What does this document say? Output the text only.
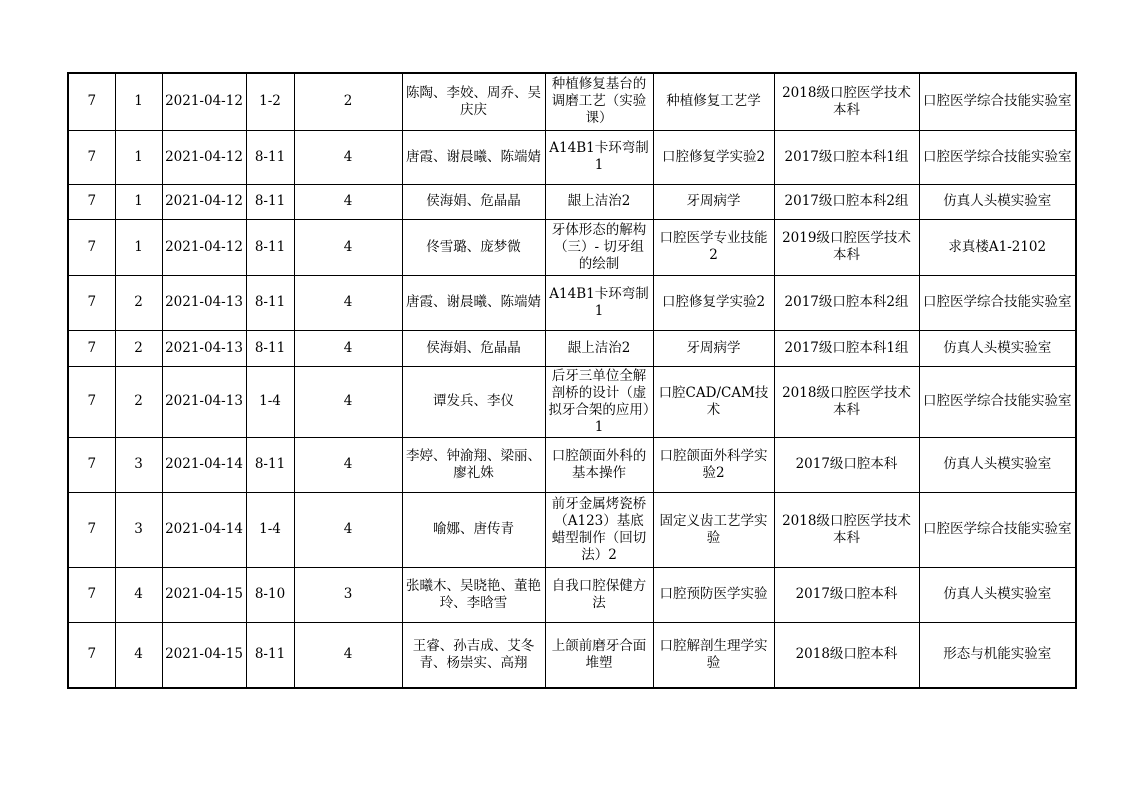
7	1	2021-04-12	1-2	2	陈陶、李姣、周乔、吴庆庆	种植修复基台的调磨工艺（实验课）	种植修复工艺学	2018级口腔医学技术本科	口腔医学综合技能实验室
7	1	2021-04-12	8-11	4	唐霞、谢晨曦、陈端婧	A14B1卡环弯制1	口腔修复学实验2	2017级口腔本科1组	口腔医学综合技能实验室
7	1	2021-04-12	8-11	4	侯海娟、危晶晶	龈上洁治2	牙周病学	2017级口腔本科2组	仿真人头模实验室
7	1	2021-04-12	8-11	4	佟雪璐、庞梦微	牙体形态的解构（三）- 切牙组的绘制	口腔医学专业技能2	2019级口腔医学技术本科	求真楼A1-2102
7	2	2021-04-13	8-11	4	唐霞、谢晨曦、陈端婧	A14B1卡环弯制1	口腔修复学实验2	2017级口腔本科2组	口腔医学综合技能实验室
7	2	2021-04-13	8-11	4	侯海娟、危晶晶	龈上洁治2	牙周病学	2017级口腔本科1组	仿真人头模实验室
7	2	2021-04-13	1-4	4	谭发兵、李仪	后牙三单位全解剖桥的设计（虚拟牙合架的应用）1	口腔CAD/CAM技术	2018级口腔医学技术本科	口腔医学综合技能实验室
7	3	2021-04-14	8-11	4	李婷、钟渝翔、梁丽、廖礼姝	口腔颌面外科的基本操作	口腔颌面外科学实验2	2017级口腔本科	仿真人头模实验室
7	3	2021-04-14	1-4	4	喻娜、唐传青	前牙金属烤瓷桥（A123）基底蜡型制作（回切法）2	固定义齿工艺学实验	2018级口腔医学技术本科	口腔医学综合技能实验室
7	4	2021-04-15	8-10	3	张曦木、吴晓艳、董艳玲、李晗雪	自我口腔保健方法	口腔预防医学实验	2017级口腔本科	仿真人头模实验室
7	4	2021-04-15	8-11	4	王睿、孙吉成、艾冬青、杨崇实、高翔	上颌前磨牙合面堆塑	口腔解剖生理学实验	2018级口腔本科	形态与机能实验室
